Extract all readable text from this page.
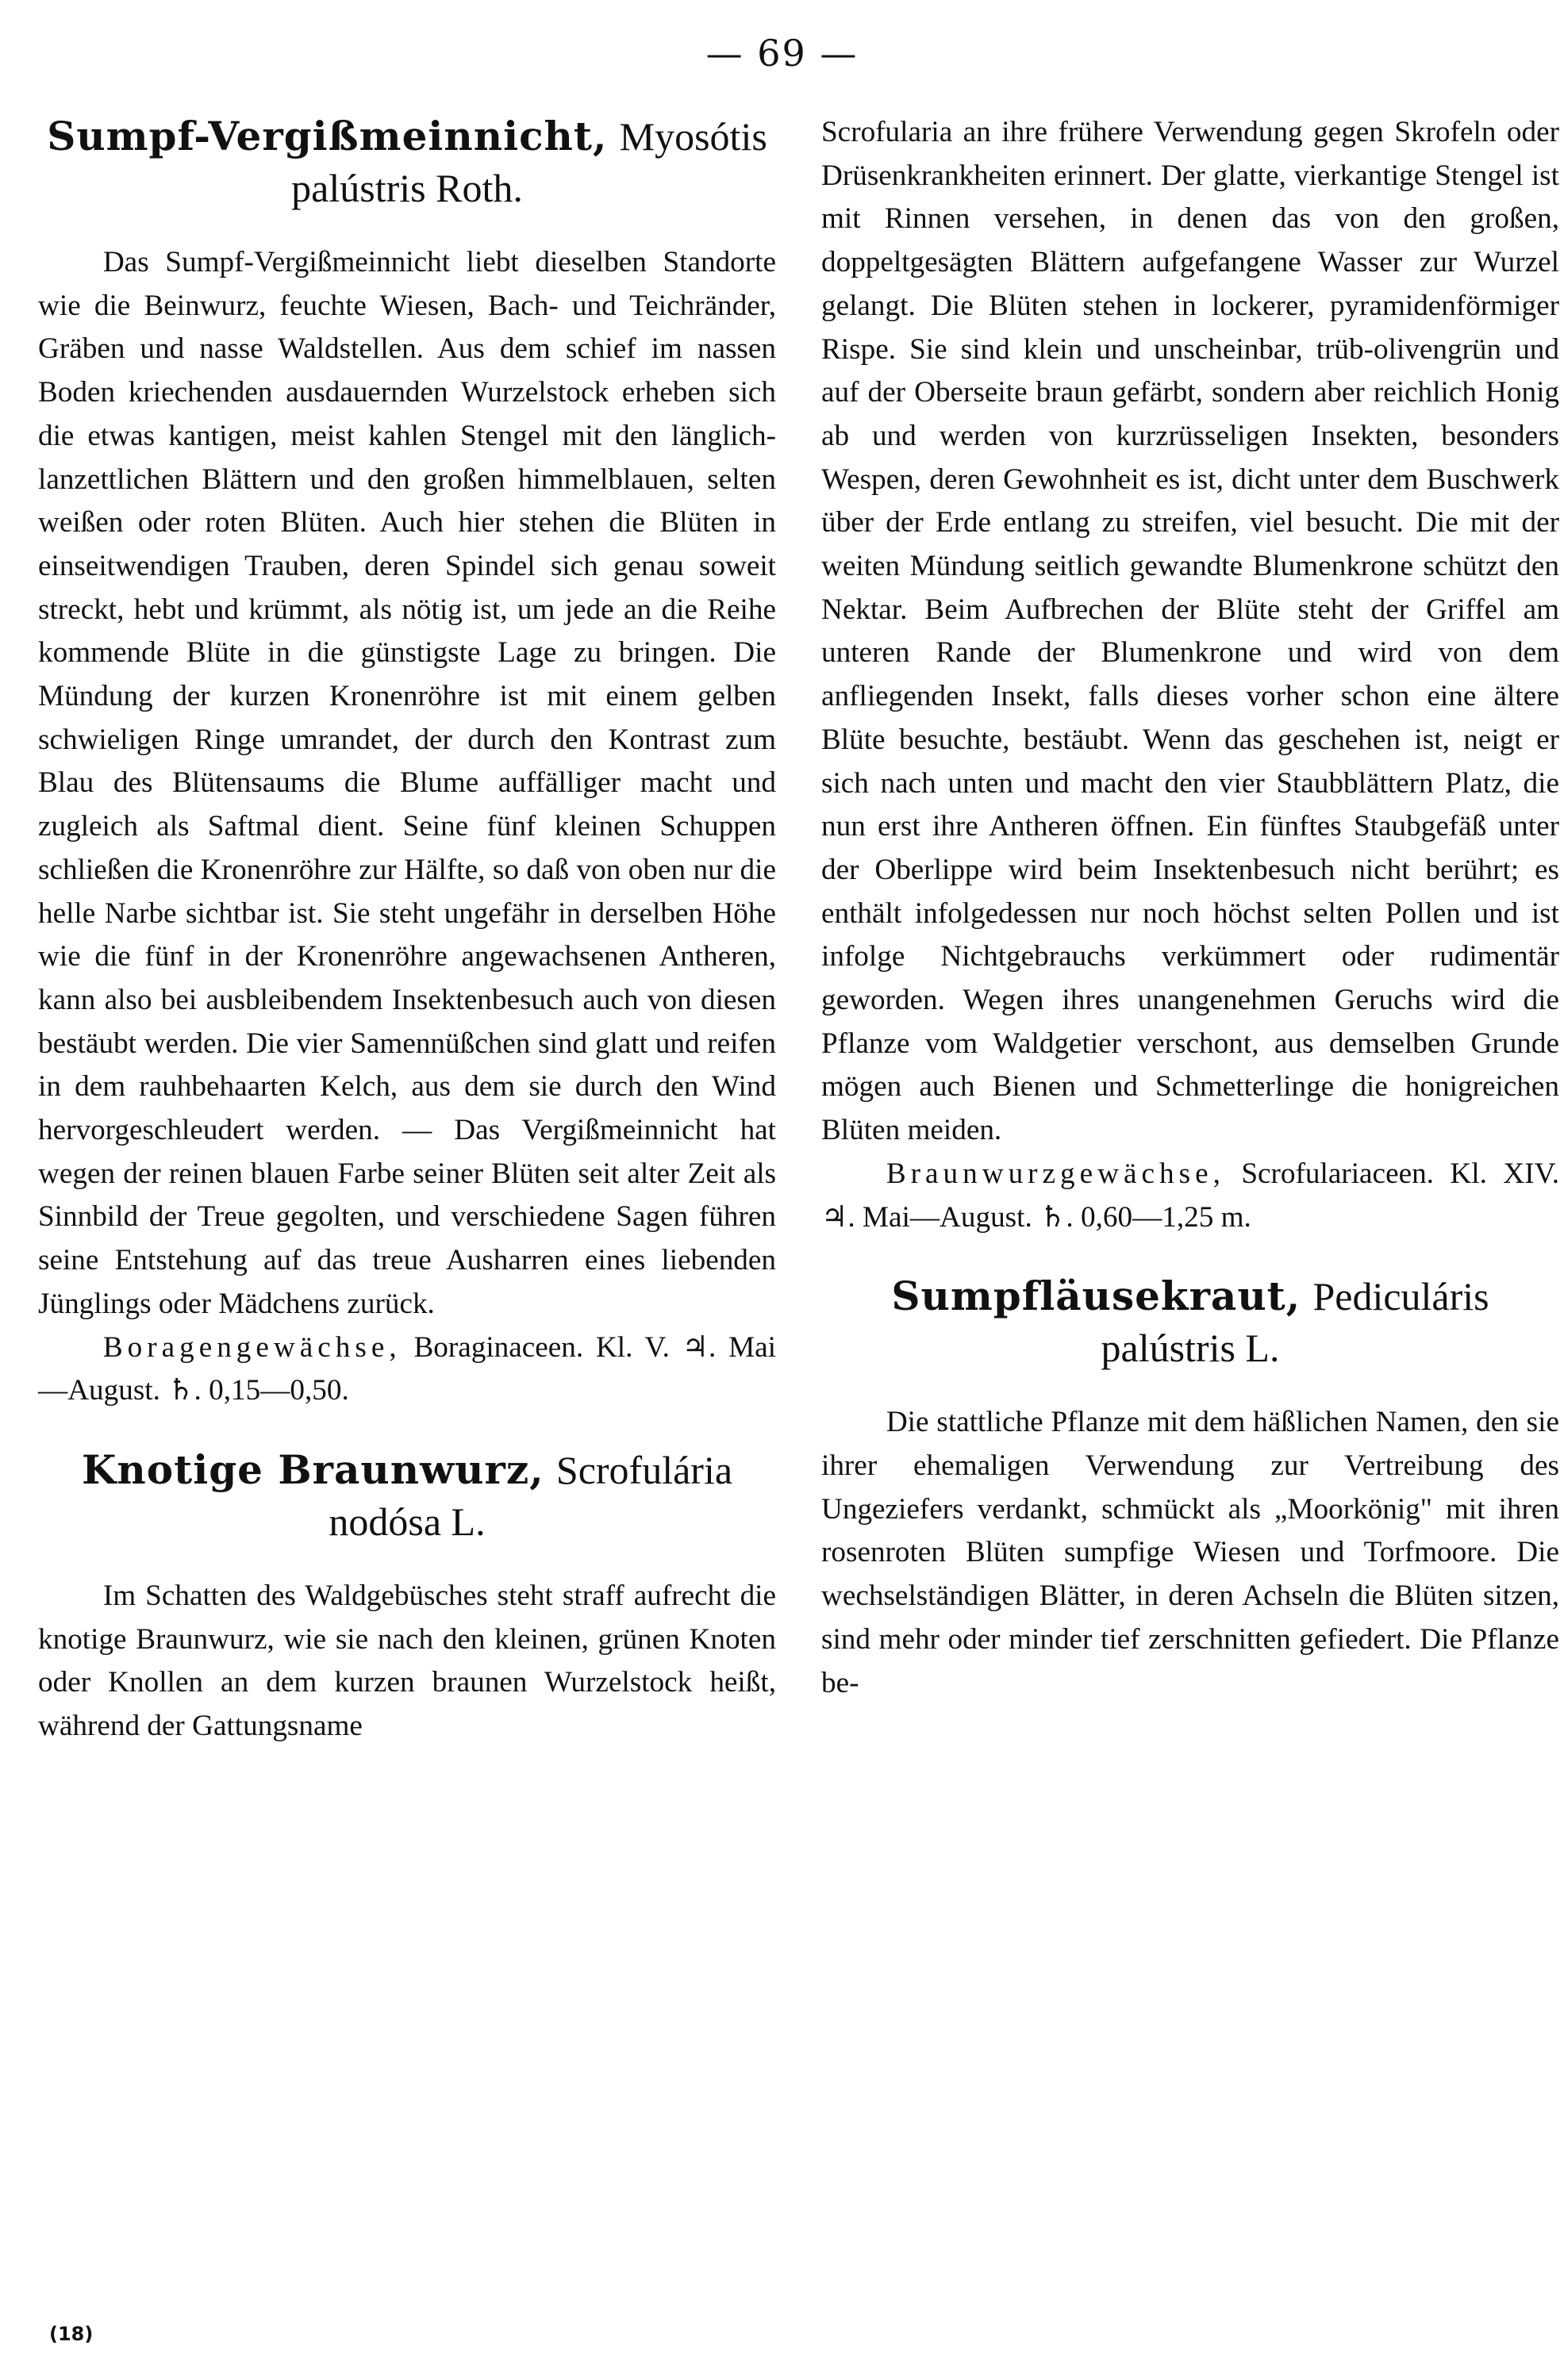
— 69 —
Sumpf-Vergißmeinnicht, Myosótis palústris Roth.

Das Sumpf-Vergißmeinnicht liebt dieselben Standorte wie die Beinwurz, feuchte Wiesen, Bach- und Teichränder, Gräben und nasse Waldstellen. Aus dem schief im nassen Boden kriechenden ausdauernden Wurzelstock erheben sich die etwas kantigen, meist kahlen Stengel mit den länglich-lanzettlichen Blättern und den großen himmelblauen, selten weißen oder roten Blüten. Auch hier stehen die Blüten in einseitwendigen Trauben, deren Spindel sich genau soweit streckt, hebt und krümmt, als nötig ist, um jede an die Reihe kommende Blüte in die günstigste Lage zu bringen. Die Mündung der kurzen Kronenröhre ist mit einem gelben schwieligen Ringe umrandet, der durch den Kontrast zum Blau des Blütensaums die Blume auffälliger macht und zugleich als Saftmal dient. Seine fünf kleinen Schuppen schließen die Kronenröhre zur Hälfte, so daß von oben nur die helle Narbe sichtbar ist. Sie steht ungefähr in derselben Höhe wie die fünf in der Kronenröhre angewachsenen Antheren, kann also bei ausbleibendem Insektenbesuch auch von diesen bestäubt werden. Die vier Samennüßchen sind glatt und reifen in dem rauhbehaarten Kelch, aus dem sie durch den Wind hervorgeschleudert werden. — Das Vergißmeinnicht hat wegen der reinen blauen Farbe seiner Blüten seit alter Zeit als Sinnbild der Treue gegolten, und verschiedene Sagen führen seine Entstehung auf das treue Ausharren eines liebenden Jünglings oder Mädchens zurück.

Boragengewächse, Boraginaceen. Kl. V. ♃. Mai—August. ♄. 0,15—0,50.

Knotige Braunwurz, Scrofulária nodósa L.

Im Schatten des Waldgebüsches steht straff aufrecht die knotige Braunwurz, wie sie nach den kleinen, grünen Knoten oder Knollen an dem kurzen braunen Wurzelstock heißt, während der Gattungsname

Scrofularia an ihre frühere Verwendung gegen Skrofeln oder Drüsenkrankheiten erinnert. Der glatte, vierkantige Stengel ist mit Rinnen versehen, in denen das von den großen, doppeltgesägten Blättern aufgefangene Wasser zur Wurzel gelangt. Die Blüten stehen in lockerer, pyramidenförmiger Rispe. Sie sind klein und unscheinbar, trüb-olivengrün und auf der Oberseite braun gefärbt, sondern aber reichlich Honig ab und werden von kurzrüsseligen Insekten, besonders Wespen, deren Gewohnheit es ist, dicht unter dem Buschwerk über der Erde entlang zu streifen, viel besucht. Die mit der weiten Mündung seitlich gewandte Blumenkrone schützt den Nektar. Beim Aufbrechen der Blüte steht der Griffel am unteren Rande der Blumenkrone und wird von dem anfliegenden Insekt, falls dieses vorher schon eine ältere Blüte besuchte, bestäubt. Wenn das geschehen ist, neigt er sich nach unten und macht den vier Staubblättern Platz, die nun erst ihre Antheren öffnen. Ein fünftes Staubgefäß unter der Oberlippe wird beim Insektenbesuch nicht berührt; es enthält infolgedessen nur noch höchst selten Pollen und ist infolge Nichtgebrauchs verkümmert oder rudimentär geworden. Wegen ihres unangenehmen Geruchs wird die Pflanze vom Waldgetier verschont, aus demselben Grunde mögen auch Bienen und Schmetterlinge die honigreichen Blüten meiden.

Braunwurzgewächse, Scrofulariaceen. Kl. XIV. ♃. Mai—August. ♄. 0,60—1,25 m.

Sumpfläusekraut, Pediculáris palústris L.

Die stattliche Pflanze mit dem häßlichen Namen, den sie ihrer ehemaligen Verwendung zur Vertreibung des Ungeziefers verdankt, schmückt als „Moorkönig" mit ihren rosenroten Blüten sumpfige Wiesen und Torfmoore. Die wechselständigen Blätter, in deren Achseln die Blüten sitzen, sind mehr oder minder tief zerschnitten gefiedert. Die Pflanze be-

(18)
